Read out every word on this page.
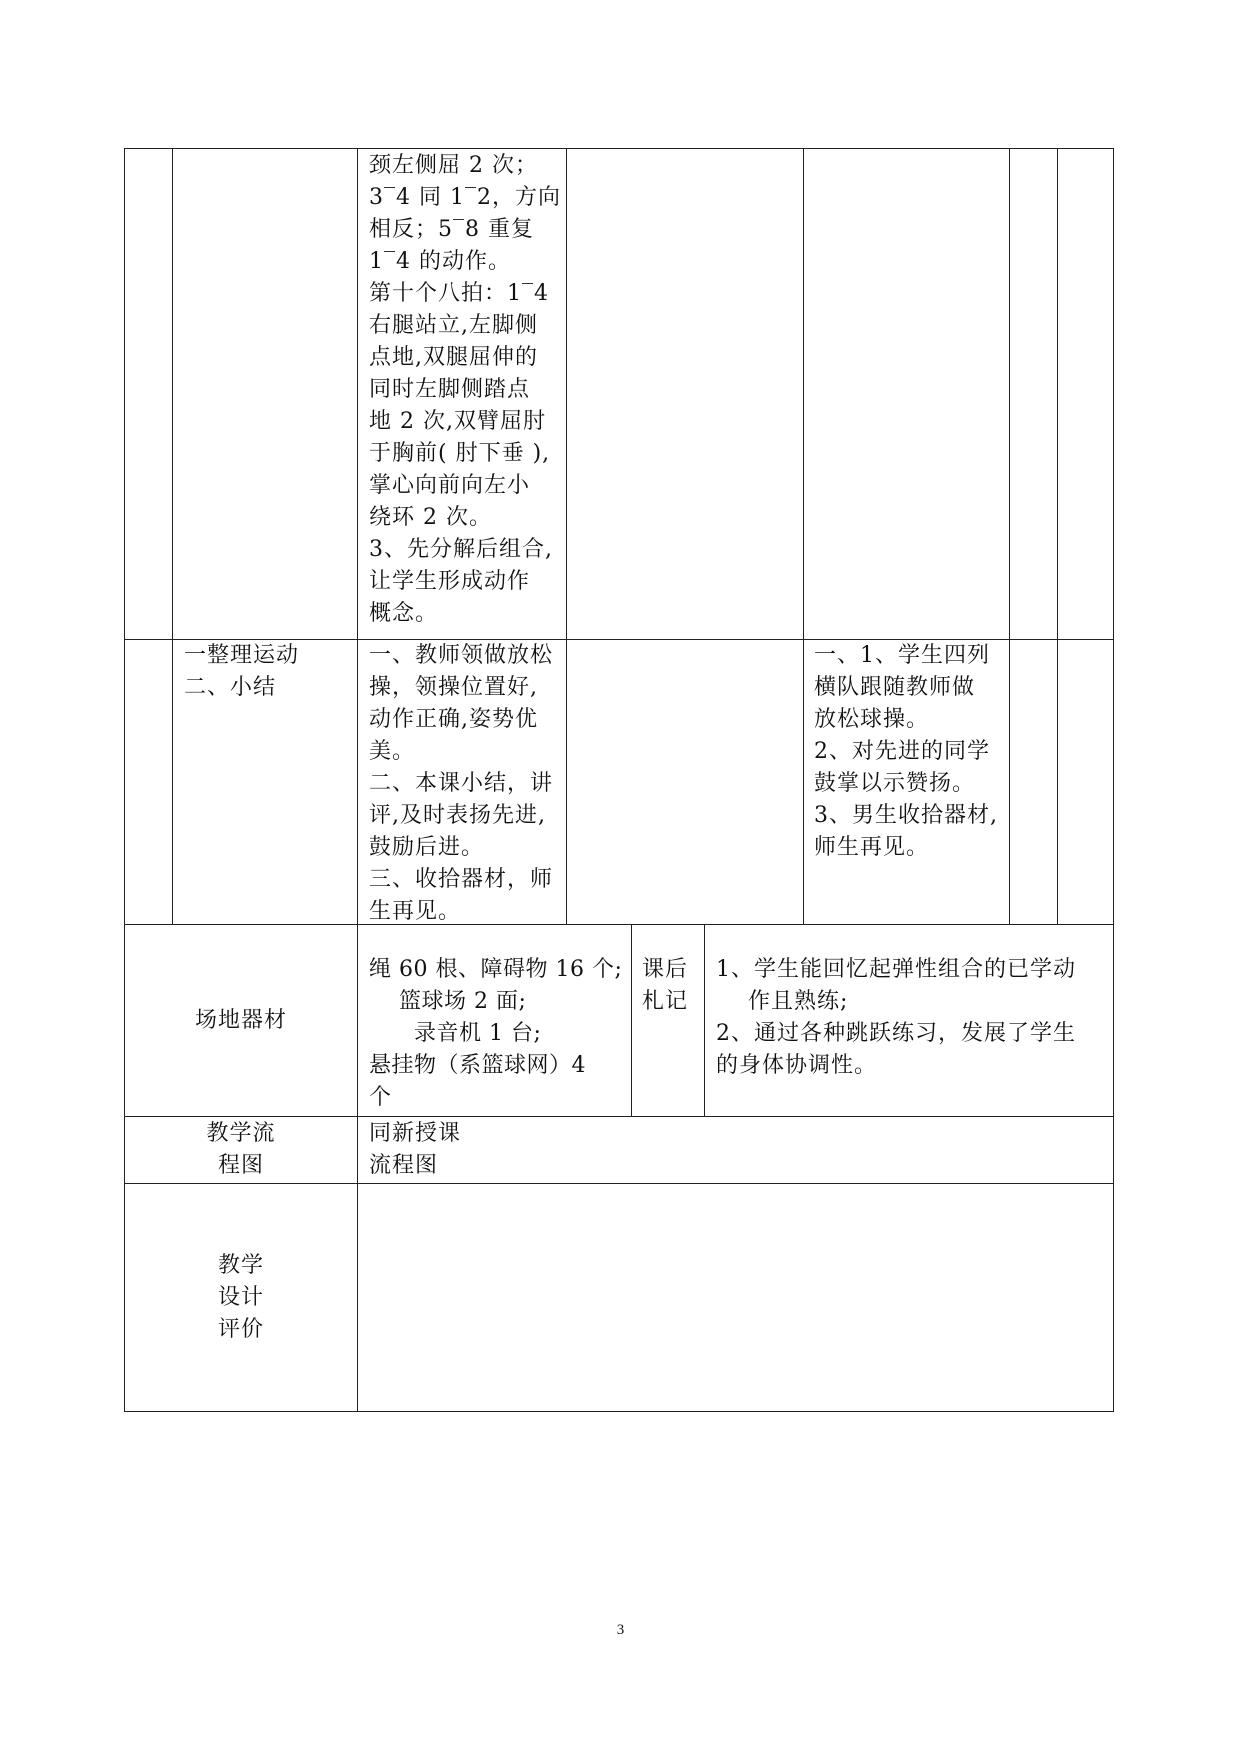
颈左侧屈 2 次；
3‾4 同 1‾2，方向
相反；5‾8 重复
1‾4 的动作。
第十个八拍：1‾4
右腿站立,左脚侧
点地,双腿屈伸的
同时左脚侧踏点
地 2 次,双臂屈肘
于胸前( 肘下垂 ),
掌心向前向左小
绕环 2 次。
3、先分解后组合,
让学生形成动作
概念。
一整理运动
二、小结
一、教师领做放松
操，领操位置好,
动作正确,姿势优
美。
二、本课小结，讲
评,及时表扬先进,
鼓励后进。
三、收拾器材，师
生再见。
一、1、学生四列
横队跟随教师做
放松球操。
2、对先进的同学
鼓掌以示赞扬。
3、男生收拾器材,
师生再见。
场地器材
绳 60 根、障碍物 16 个;
篮球场 2 面;
录音机 1 台;
悬挂物（系篮球网）4
个
课后
札记
1、学生能回忆起弹性组合的已学动
作且熟练;
2、通过各种跳跃练习，发展了学生
的身体协调性。
教学流
程图
同新授课
流程图
教学
设计
评价
3
